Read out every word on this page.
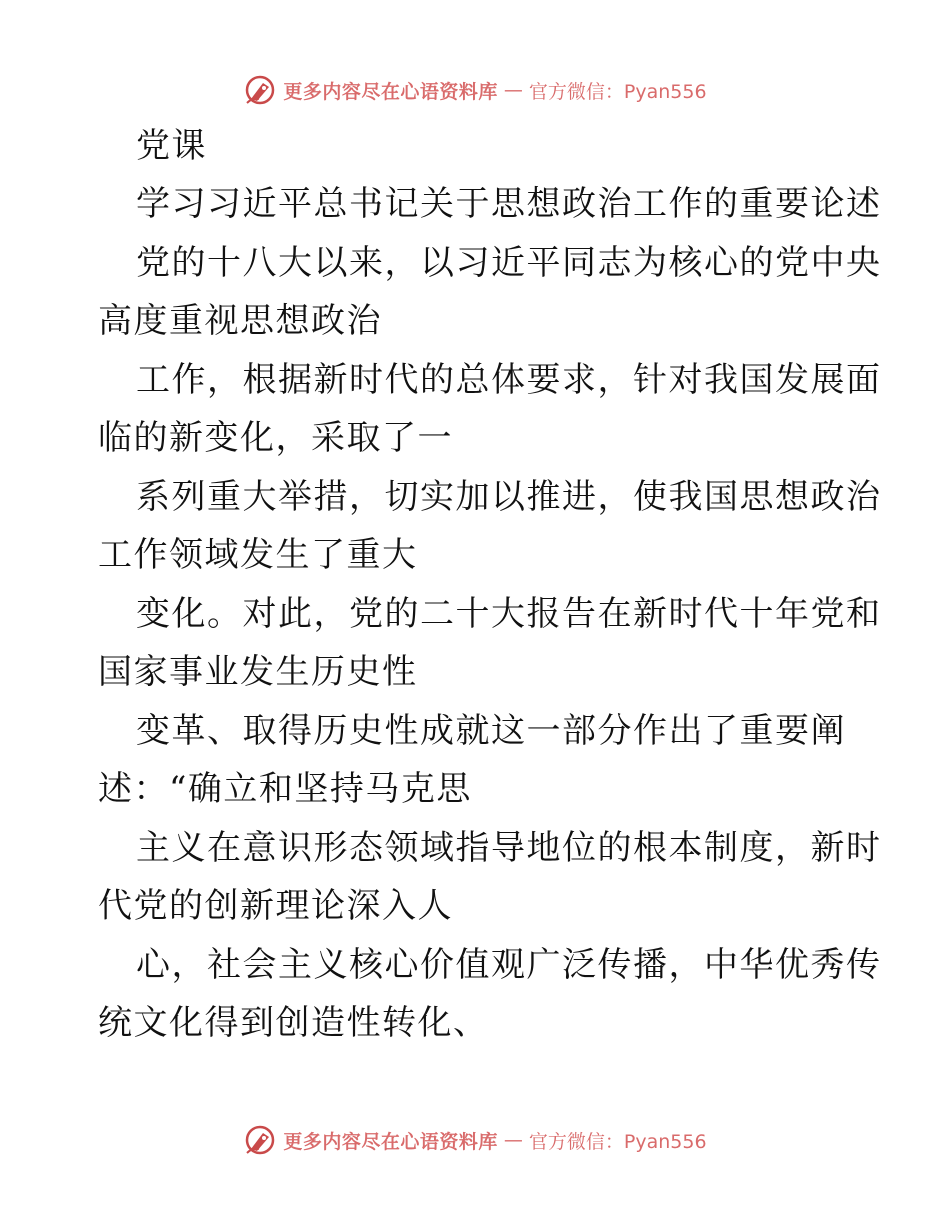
更多内容尽在心语资料库 — 官方微信：Pyan556
党课
学习习近平总书记关于思想政治工作的重要论述
党的十八大以来，以习近平同志为核心的党中央
高度重视思想政治
工作，根据新时代的总体要求，针对我国发展面
临的新变化，采取了一
系列重大举措，切实加以推进，使我国思想政治
工作领域发生了重大
变化。对此，党的二十大报告在新时代十年党和
国家事业发生历史性
变革、取得历史性成就这一部分作出了重要阐
述：“确立和坚持马克思
主义在意识形态领域指导地位的根本制度，新时
代党的创新理论深入人
心，社会主义核心价值观广泛传播，中华优秀传
统文化得到创造性转化、
更多内容尽在心语资料库 — 官方微信：Pyan556
